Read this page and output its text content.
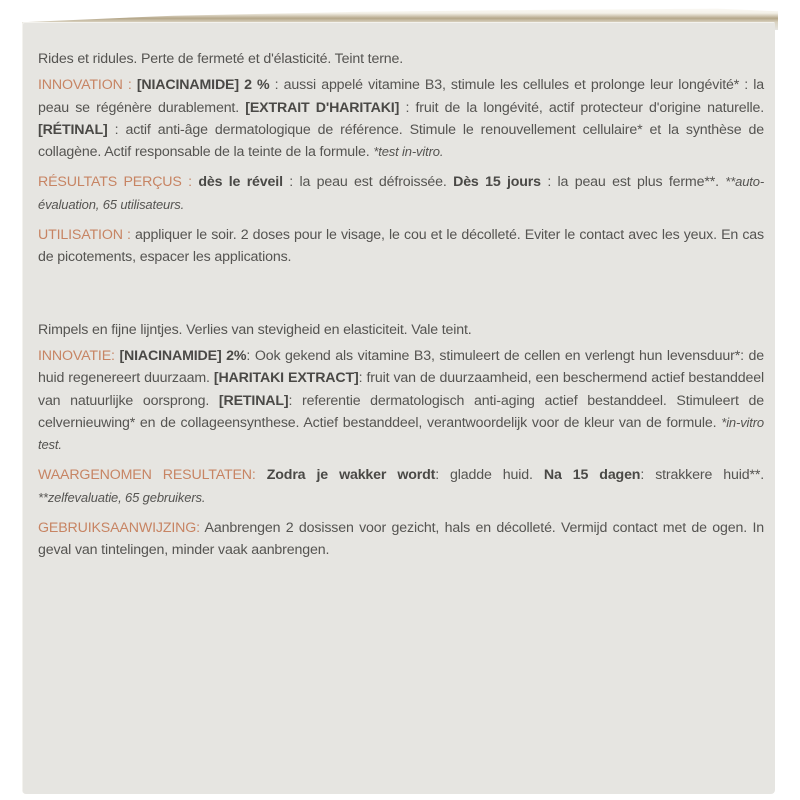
Rides et ridules. Perte de fermeté et d'élasticité. Teint terne.

INNOVATION : [NIACINAMIDE] 2 % : aussi appelé vitamine B3, stimule les cellules et prolonge leur longévité* : la peau se régénère durablement. [EXTRAIT D'HARITAKI] : fruit de la longévité, actif protecteur d'origine naturelle. [RÉTINAL] : actif anti-âge dermatologique de référence. Stimule le renouvellement cellulaire* et la synthèse de collagène. Actif responsable de la teinte de la formule. *test in-vitro.

RÉSULTATS PERÇUS : dès le réveil : la peau est défroissée. Dès 15 jours : la peau est plus ferme**. **auto-évaluation, 65 utilisateurs.

UTILISATION : appliquer le soir. 2 doses pour le visage, le cou et le décolleté. Eviter le contact avec les yeux. En cas de picotements, espacer les applications.

Rimpels en fijne lijntjes. Verlies van stevigheid en elasticiteit. Vale teint.

INNOVATIE: [NIACINAMIDE] 2%: Ook gekend als vitamine B3, stimuleert de cellen en verlengt hun levensduur*: de huid regenereert duurzaam. [HARITAKI EXTRACT]: fruit van de duurzaamheid, een beschermend actief bestanddeel van natuurlijke oorsprong. [RETINAL]: referentie dermatologisch anti-aging actief bestanddeel. Stimuleert de celvernieuwing* en de collageensynthese. Actief bestanddeel, verantwoordelijk voor de kleur van de formule. *in-vitro test.

WAARGENOMEN RESULTATEN: Zodra je wakker wordt: gladde huid. Na 15 dagen: strakkere huid**. **zelfevaluatie, 65 gebruikers.

GEBRUIKSAANWIJZING: Aanbrengen 2 dosissen voor gezicht, hals en décolleté. Vermijd contact met de ogen. In geval van tintelingen, minder vaak aanbrengen.
